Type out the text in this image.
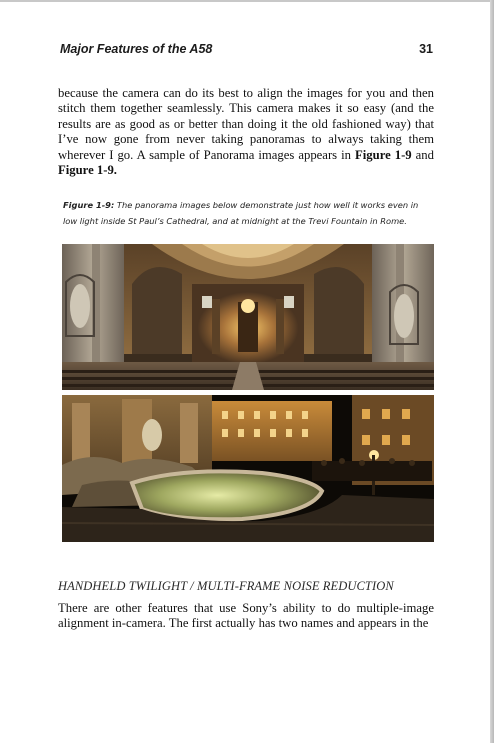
Major Features of the A58	31

because the camera can do its best to align the images for you and then stitch them together seamlessly. This camera makes it so easy (and the results are as good as or better than doing it the old fashioned way) that I’ve now gone from never taking panoramas to always taking them wherever I go. A sample of Panorama images appears in Figure 1-9 and Figure 1-9.

Figure 1-9: The panorama images below demonstrate just how well it works even in low light inside St Paul’s Cathedral, and at midnight at the Trevi Fountain in Rome.

HANDHELD TWILIGHT / MULTI-FRAME NOISE REDUCTION

There are other features that use Sony’s ability to do multiple-image alignment in-camera. The first actually has two names and appears in the
